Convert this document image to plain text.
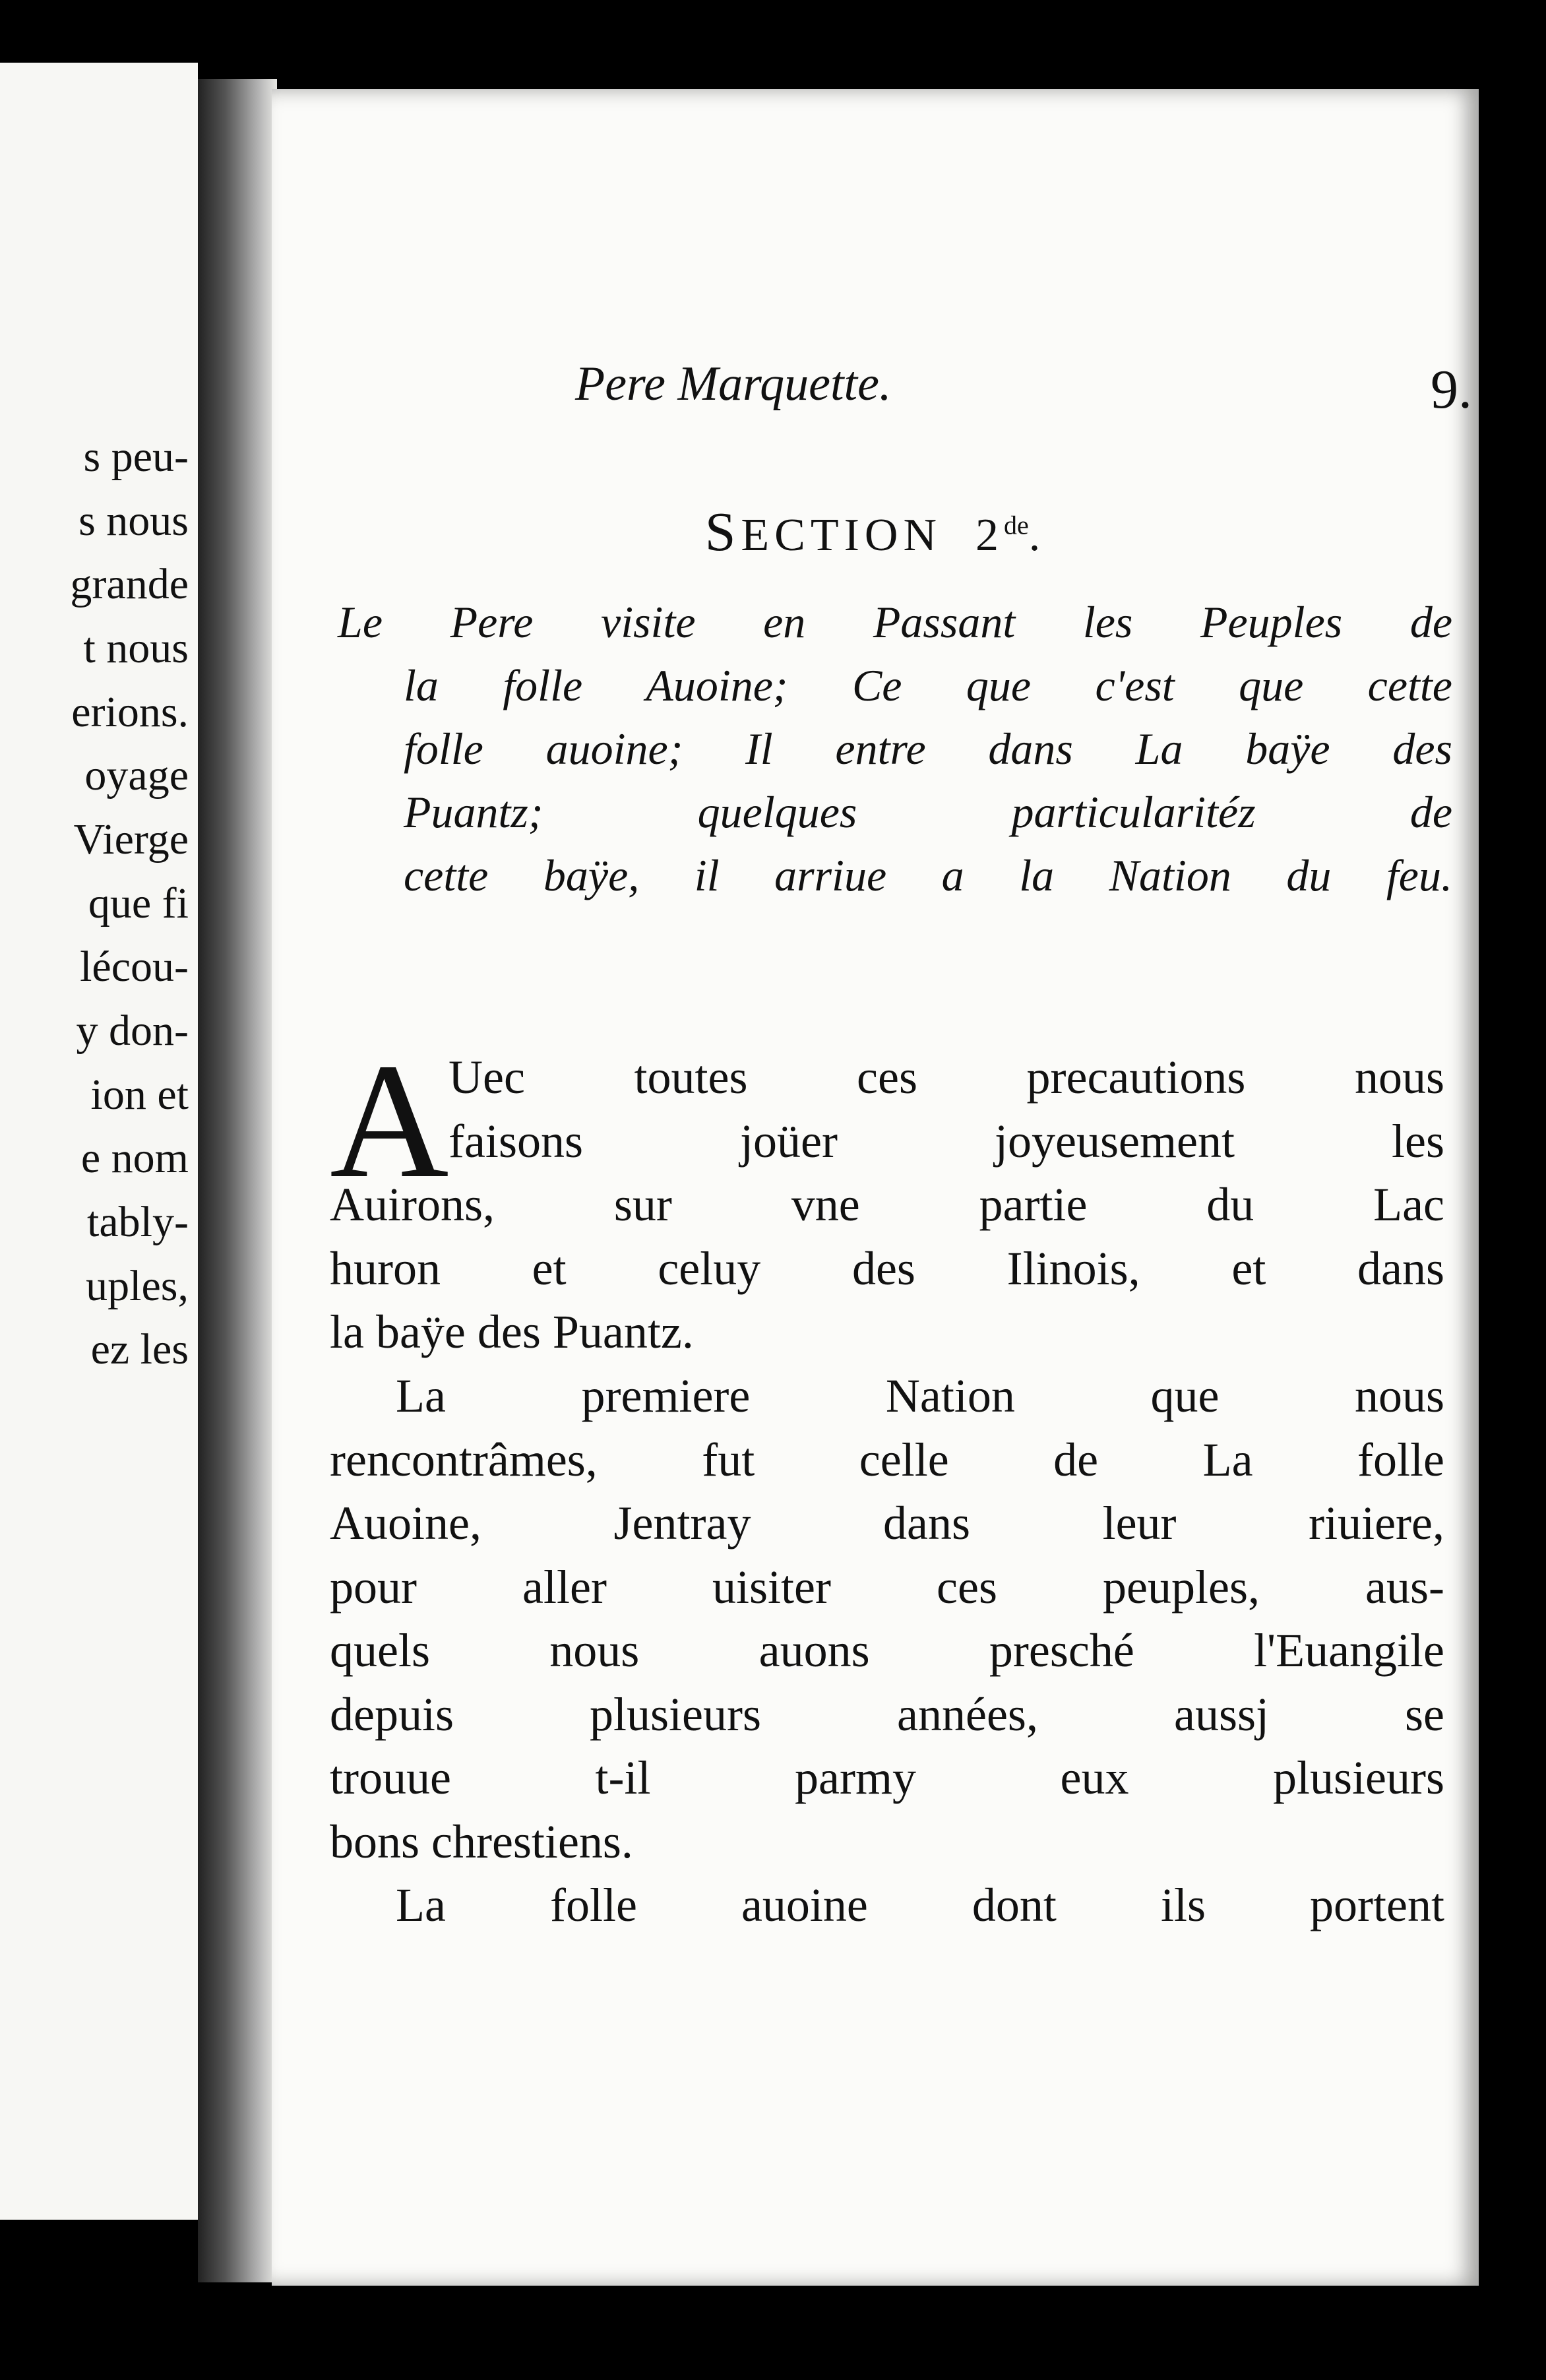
s peu-
s nous
grande
t nous
erions.
oyage
Vierge
que fi
lécou-
y don-
ion et
e nom
tably-
uples,
ez les
Pere Marquette.	9.
SECTION 2de.
Le Pere visite en Passant les Peuples de
la folle Auoine; Ce que c'est que cette
folle auoine; Il entre dans La baÿe des
Puantz; quelques particularitéz de
cette baÿe, il arriue a la Nation du feu.
A Uec toutes ces precautions nous
faisons joüer joyeusement les
Auirons, sur vne partie du Lac
huron et celuy des Ilinois, et dans
la baÿe des Puantz.
La premiere Nation que nous
rencontrâmes, fut celle de La folle
Auoine, Jentray dans leur riuiere,
pour aller uisiter ces peuples, aus-
quels nous auons presché l'Euangile
depuis plusieurs années, aussj se
trouue t-il parmy eux plusieurs
bons chrestiens.
La folle auoine dont ils portent
